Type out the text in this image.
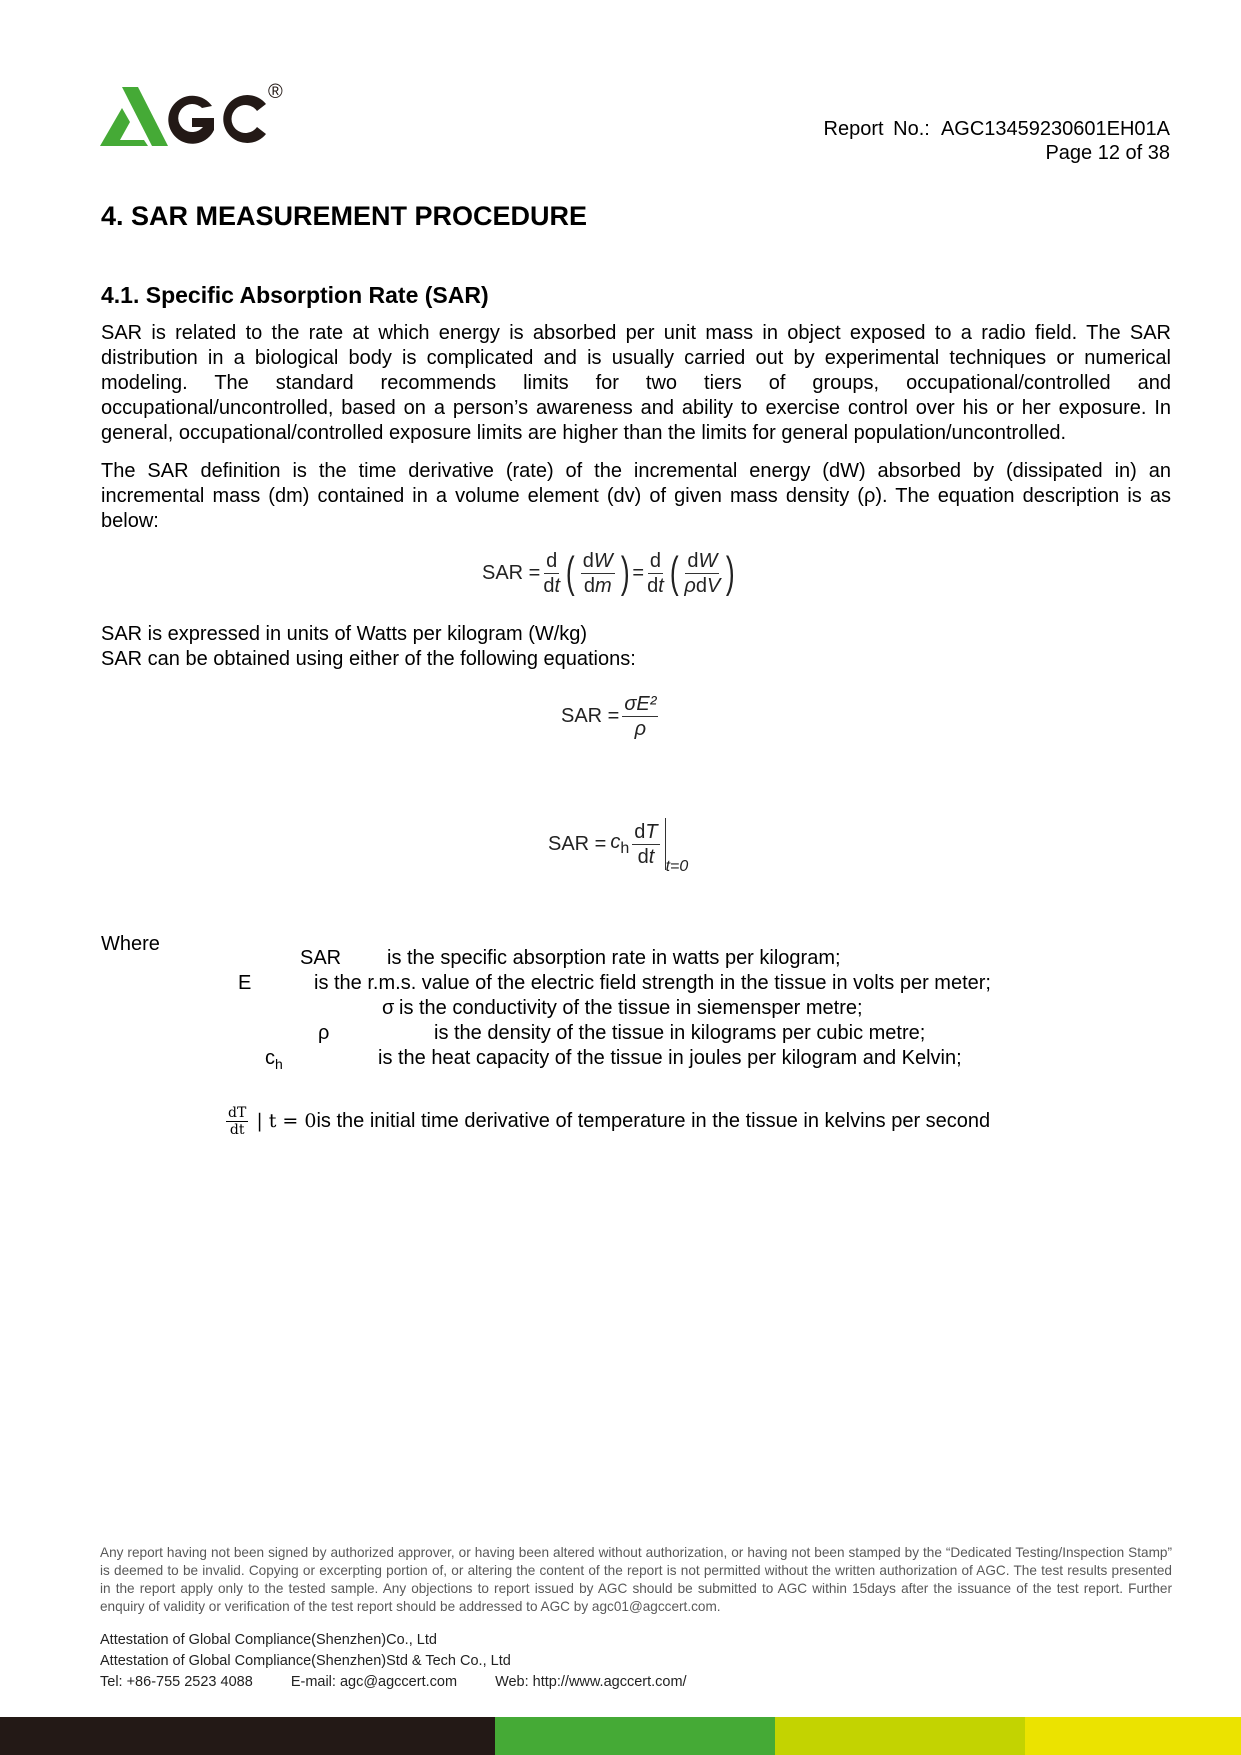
®
Report No.: AGC13459230601EH01A
Page 12 of 38
4. SAR MEASUREMENT PROCEDURE
4.1. Specific Absorption Rate (SAR)
SAR is related to the rate at which energy is absorbed per unit mass in object exposed to a radio field. The SAR distribution in a biological body is complicated and is usually carried out by experimental techniques or numerical modeling. The standard recommends limits for two tiers of groups, occupational/controlled and occupational/uncontrolled, based on a person’s awareness and ability to exercise control over his or her exposure. In general, occupational/controlled exposure limits are higher than the limits for general population/uncontrolled.
The SAR definition is the time derivative (rate) of the incremental energy (dW) absorbed by (dissipated in) an incremental mass (dm) contained in a volume element (dv) of given mass density (ρ). The equation description is as below:
SAR = $\frac{d}{dt}$ ( $\frac{dW}{dm}$ ) = $\frac{d}{dt}$ ( $\frac{dW}{\text{ρdV}}$ )
SAR is expressed in units of Watts per kilogram (W/kg)
SAR can be obtained using either of the following equations:
SAR = $\frac{\text{σE²}}{\rho}$
SAR = $c_h \frac{dT}{dt} t=0$
Where
SAR is the specific absorption rate in watts per kilogram;
E	is the r.m.s. value of the electric field strength in the tissue in volts per meter;
σ is the conductivity of the tissue in siemensper metre;
ρ	is the density of the tissue in kilograms per cubic metre;
$c_h$	is the heat capacity of the tissue in joules per kilogram and Kelvin;
$\frac{dT}{dt}$ | t = 0 is the initial time derivative of temperature in the tissue in kelvins per second
Any report having not been signed by authorized approver, or having been altered without authorization, or having not been stamped by the “Dedicated Testing/Inspection Stamp” is deemed to be invalid. Copying or excerpting portion of, or altering the content of the report is not permitted without the written authorization of AGC. The test results presented in the report apply only to the tested sample. Any objections to report issued by AGC should be submitted to AGC within 15days after the issuance of the test report. Further enquiry of validity or verification of the test report should be addressed to AGC by agc01@agccert.com.
Attestation of Global Compliance(Shenzhen)Co., Ltd
Attestation of Global Compliance(Shenzhen)Std & Tech Co., Ltd
Tel: +86-755 2523 4088	E-mail: agc@agccert.com	Web: http://www.agccert.com/
